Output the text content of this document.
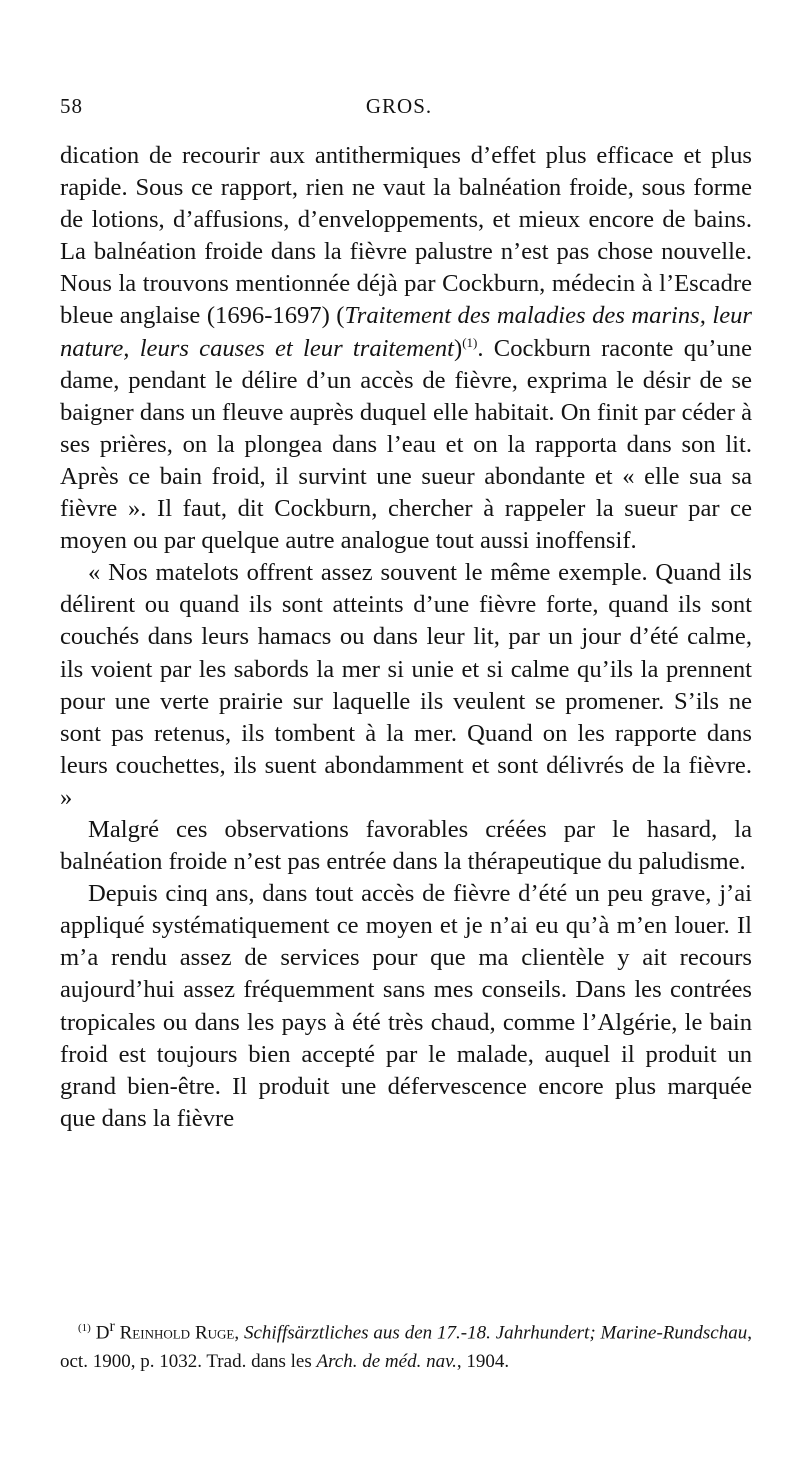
58	GROS.

dication de recourir aux antithermiques d’effet plus efficace et plus rapide. Sous ce rapport, rien ne vaut la balnéation froide, sous forme de lotions, d’affusions, d’enveloppements, et mieux encore de bains. La balnéation froide dans la fièvre palustre n’est pas chose nouvelle. Nous la trouvons mentionnée déjà par Cockburn, médecin à l’Escadre bleue anglaise (1696-1697) (Traitement des maladies des marins, leur nature, leurs causes et leur traitement)$^{(1)}$. Cockburn raconte qu’une dame, pendant le délire d’un accès de fièvre, exprima le désir de se baigner dans un fleuve auprès duquel elle habitait. On finit par céder à ses prières, on la plongea dans l’eau et on la rapporta dans son lit. Après ce bain froid, il survint une sueur abondante et « elle sua sa fièvre ». Il faut, dit Cockburn, chercher à rappeler la sueur par ce moyen ou par quelque autre analogue tout aussi inoffensif.

« Nos matelots offrent assez souvent le même exemple. Quand ils délirent ou quand ils sont atteints d’une fièvre forte, quand ils sont couchés dans leurs hamacs ou dans leur lit, par un jour d’été calme, ils voient par les sabords la mer si unie et si calme qu’ils la prennent pour une verte prairie sur laquelle ils veulent se promener. S’ils ne sont pas retenus, ils tombent à la mer. Quand on les rapporte dans leurs couchettes, ils suent abondamment et sont délivrés de la fièvre. »

Malgré ces observations favorables créées par le hasard, la balnéation froide n’est pas entrée dans la thérapeutique du paludisme.

Depuis cinq ans, dans tout accès de fièvre d’été un peu grave, j’ai appliqué systématiquement ce moyen et je n’ai eu qu’à m’en louer. Il m’a rendu assez de services pour que ma clientèle y ait recours aujourd’hui assez fréquemment sans mes conseils. Dans les contrées tropicales ou dans les pays à été très chaud, comme l’Algérie, le bain froid est toujours bien accepté par le malade, auquel il produit un grand bien-être. Il produit une défervescence encore plus marquée que dans la fièvre

$^{(1)}$ $D^r$ Reinhold Ruge, Schiffsärztliches aus den 17.-18. Jahrhundert; Marine-Rundschau, oct. 1900, p. 1032. Trad. dans les Arch. de méd. nav., 1904.
